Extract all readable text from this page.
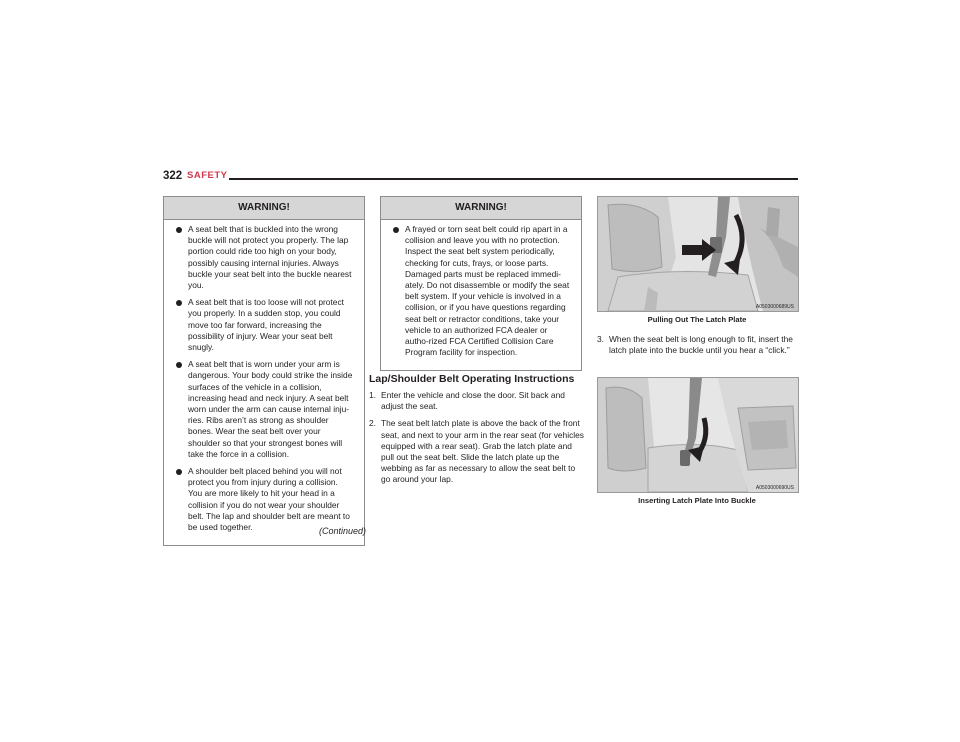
322 SAFETY
WARNING!
A seat belt that is buckled into the wrong buckle will not protect you properly. The lap portion could ride too high on your body, possibly causing internal injuries. Always buckle your seat belt into the buckle nearest you.
A seat belt that is too loose will not protect you properly. In a sudden stop, you could move too far forward, increasing the possibility of injury. Wear your seat belt snugly.
A seat belt that is worn under your arm is dangerous. Your body could strike the inside surfaces of the vehicle in a collision, increasing head and neck injury. A seat belt worn under the arm can cause internal inju-ries. Ribs aren’t as strong as shoulder bones. Wear the seat belt over your shoulder so that your strongest bones will take the force in a collision.
A shoulder belt placed behind you will not protect you from injury during a collision. You are more likely to hit your head in a collision if you do not wear your shoulder belt. The lap and shoulder belt are meant to be used together.	(Continued)
WARNING!
A frayed or torn seat belt could rip apart in a collision and leave you with no protection. Inspect the seat belt system periodically, checking for cuts, frays, or loose parts. Damaged parts must be replaced immedi-ately. Do not disassemble or modify the seat belt system. If your vehicle is involved in a collision, or if you have questions regarding seat belt or retractor conditions, take your vehicle to an authorized FCA dealer or autho-rized FCA Certified Collision Care Program facility for inspection.
Lap/Shoulder Belt Operating Instructions
1. Enter the vehicle and close the door. Sit back and adjust the seat.
2. The seat belt latch plate is above the back of the front seat, and next to your arm in the rear seat (for vehicles equipped with a rear seat). Grab the latch plate and pull out the seat belt. Slide the latch plate up the webbing as far as necessary to allow the seat belt to go around your lap.
A0503000689US
Pulling Out The Latch Plate
3. When the seat belt is long enough to fit, insert the latch plate into the buckle until you hear a “click.”
A0503000690US
Inserting Latch Plate Into Buckle
